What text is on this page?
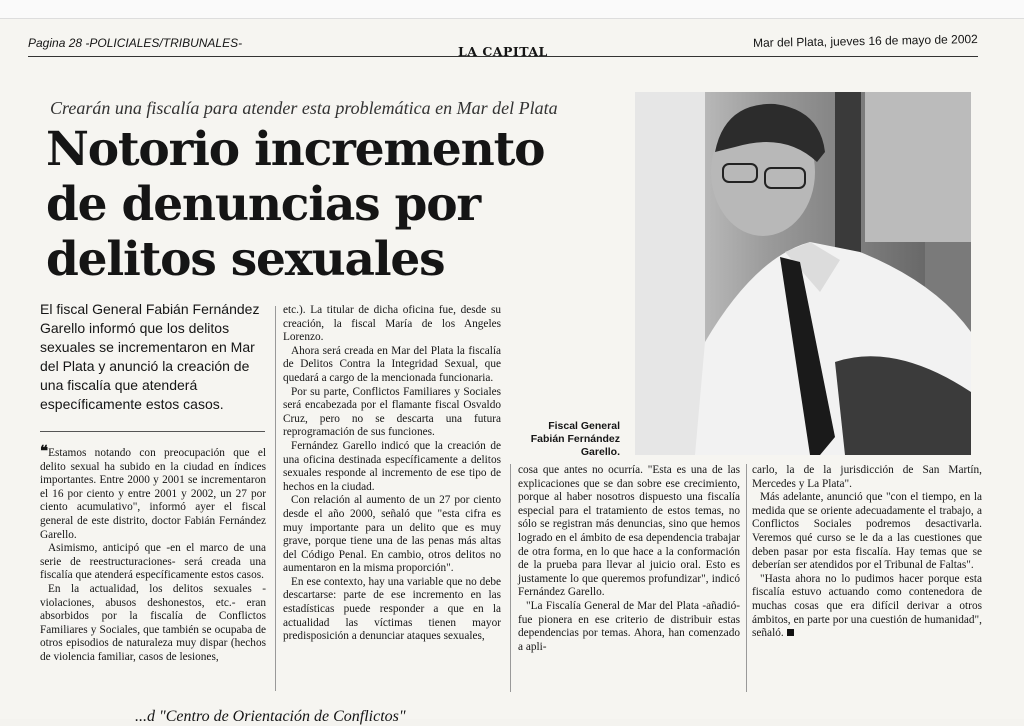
Pagina 28 -POLICIALES/TRIBUNALES-
LA CAPITAL
Mar del Plata, jueves 16 de mayo de 2002
Crearán una fiscalía para atender esta problemática en Mar del Plata
Notorio incremento
de denuncias por
delitos sexuales
Fiscal General
Fabián Fernández
Garello.

El fiscal General Fabián Fernández Garello informó que los delitos sexuales se incrementaron en Mar del Plata y anunció la creación de una fiscalía que atenderá específicamente estos casos.

❝Estamos notando con preocupación que el delito sexual ha subido en la ciudad en índices importantes. Entre 2000 y 2001 se incrementaron el 16 por ciento y entre 2001 y 2002, un 27 por ciento acumulativo", informó ayer el fiscal general de este distrito, doctor Fabián Fernández Garello.

Asimismo, anticipó que -en el marco de una serie de reestructuraciones- será creada una fiscalía que atenderá específicamente estos casos.

En la actualidad, los delitos sexuales -violaciones, abusos deshonestos, etc.- eran absorbidos por la fiscalía de Conflictos Familiares y Sociales, que también se ocupaba de otros episodios de naturaleza muy dispar (hechos de violencia familiar, casos de lesiones,

etc.). La titular de dicha oficina fue, desde su creación, la fiscal María de los Angeles Lorenzo.

Ahora será creada en Mar del Plata la fiscalía de Delitos Contra la Integridad Sexual, que quedará a cargo de la mencionada funcionaria.

Por su parte, Conflictos Familiares y Sociales será encabezada por el flamante fiscal Osvaldo Cruz, pero no se descarta una futura reprogramación de sus funciones.

Fernández Garello indicó que la creación de una oficina destinada específicamente a delitos sexuales responde al incremento de ese tipo de hechos en la ciudad.

Con relación al aumento de un 27 por ciento desde el año 2000, señaló que "esta cifra es muy importante para un delito que es muy grave, porque tiene una de las penas más altas del Código Penal. En cambio, otros delitos no aumentaron en la misma proporción".

En ese contexto, hay una variable que no debe descartarse: parte de ese incremento en las estadísticas puede responder a que en la actualidad las víctimas tienen mayor predisposición a denunciar ataques sexuales,

cosa que antes no ocurría. "Esta es una de las explicaciones que se dan sobre ese crecimiento, porque al haber nosotros dispuesto una fiscalía especial para el tratamiento de estos temas, no sólo se registran más denuncias, sino que hemos logrado en el ámbito de esa dependencia trabajar de otra forma, en lo que hace a la conformación de la prueba para llevar al juicio oral. Esto es justamente lo que queremos profundizar", indicó Fernández Garello.

"La Fiscalía General de Mar del Plata -añadió- fue pionera en ese criterio de distribuir estas dependencias por temas. Ahora, han comenzado a apli-

carlo, la de la jurisdicción de San Martín, Mercedes y La Plata".

Más adelante, anunció que "con el tiempo, en la medida que se oriente adecuadamente el trabajo, a Conflictos Sociales podremos desactivarla. Veremos qué curso se le da a las cuestiones que deben pasar por esta fiscalía. Hay temas que se deberían ser atendidos por el Tribunal de Faltas".

"Hasta ahora no lo pudimos hacer porque esta fiscalía estuvo actuando como contenedora de muchas cosas que era difícil derivar a otros ámbitos, en parte por una cuestión de humanidad", señaló.

...d "Centro de Orientación de Conflictos"
